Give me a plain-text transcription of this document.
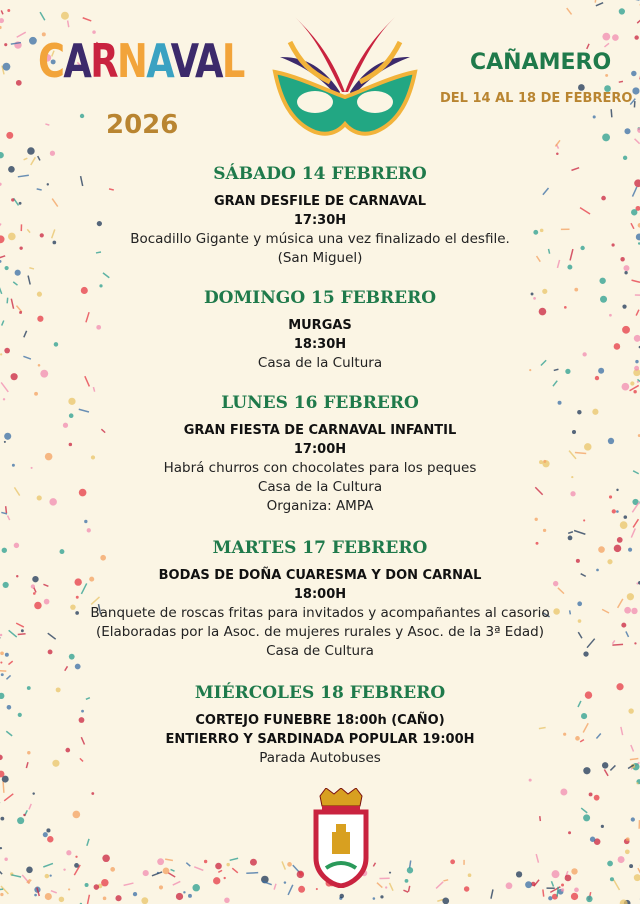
CARNAVAL
2026
CAÑAMERO
DEL 14 AL 18 DE FEBRERO
SÁBADO 14 FEBRERO
GRAN DESFILE DE CARNAVAL
17:30H
Bocadillo Gigante y música una vez finalizado el desfile.
(San Miguel)
DOMINGO 15 FEBRERO
MURGAS
18:30H
Casa de la Cultura
LUNES 16 FEBRERO
GRAN FIESTA DE CARNAVAL INFANTIL
17:00H
Habrá churros con chocolates para los peques
Casa de la Cultura
Organiza: AMPA
MARTES 17 FEBRERO
BODAS DE DOÑA CUARESMA Y DON CARNAL
18:00H
Banquete de roscas fritas para invitados y acompañantes al casorio
(Elaboradas por la Asoc. de mujeres rurales y Asoc. de la 3ª Edad)
Casa de Cultura
MIÉRCOLES 18 FEBRERO
CORTEJO FUNEBRE 18:00h (CAÑO)
ENTIERRO Y SARDINADA POPULAR 19:00H
Parada Autobuses
